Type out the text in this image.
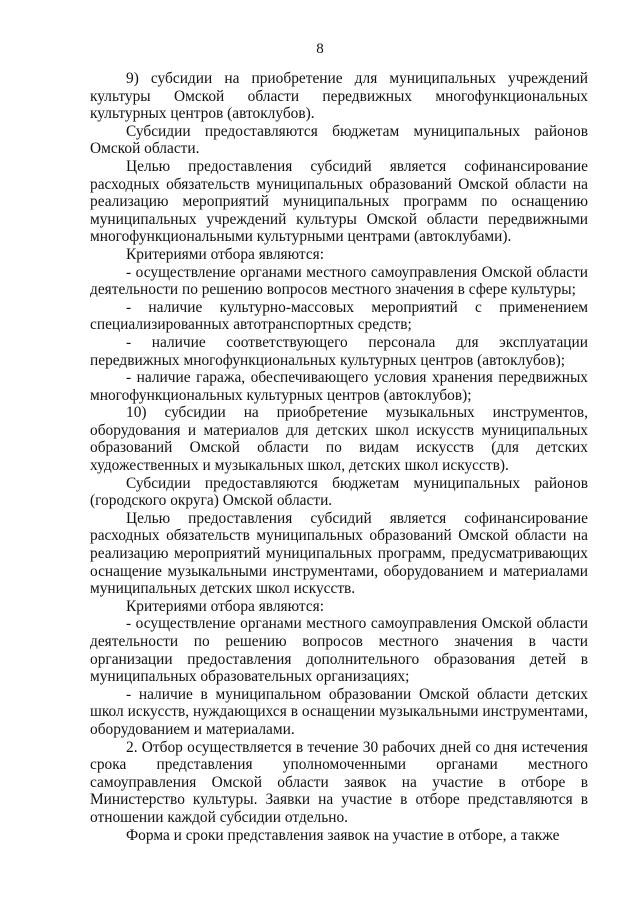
8

9) субсидии на приобретение для муниципальных учреждений культуры Омской области передвижных многофункциональных культурных центров (автоклубов).

Субсидии предоставляются бюджетам муниципальных районов Омской области.

Целью предоставления субсидий является софинансирование расходных обязательств муниципальных образований Омской области на реализацию мероприятий муниципальных программ по оснащению муниципальных учреждений культуры Омской области передвижными многофункциональными культурными центрами (автоклубами).

Критериями отбора являются:

- осуществление органами местного самоуправления Омской области деятельности по решению вопросов местного значения в сфере культуры;

- наличие культурно-массовых мероприятий с применением специализированных автотранспортных средств;

- наличие соответствующего персонала для эксплуатации передвижных многофункциональных культурных центров (автоклубов);

- наличие гаража, обеспечивающего условия хранения передвижных многофункциональных культурных центров (автоклубов);

10) субсидии на приобретение музыкальных инструментов, оборудования и материалов для детских школ искусств муниципальных образований Омской области по видам искусств (для детских художественных и музыкальных школ, детских школ искусств).

Субсидии предоставляются бюджетам муниципальных районов (городского округа) Омской области.

Целью предоставления субсидий является софинансирование расходных обязательств муниципальных образований Омской области на реализацию мероприятий муниципальных программ, предусматривающих оснащение музыкальными инструментами, оборудованием и материалами муниципальных детских школ искусств.

Критериями отбора являются:

- осуществление органами местного самоуправления Омской области деятельности по решению вопросов местного значения в части организации предоставления дополнительного образования детей в муниципальных образовательных организациях;

- наличие в муниципальном образовании Омской области детских школ искусств, нуждающихся в оснащении музыкальными инструментами, оборудованием и материалами.

2. Отбор осуществляется в течение 30 рабочих дней со дня истечения срока представления уполномоченными органами местного самоуправления Омской области заявок на участие в отборе в Министерство культуры. Заявки на участие в отборе представляются в отношении каждой субсидии отдельно.

Форма и сроки представления заявок на участие в отборе, а также
